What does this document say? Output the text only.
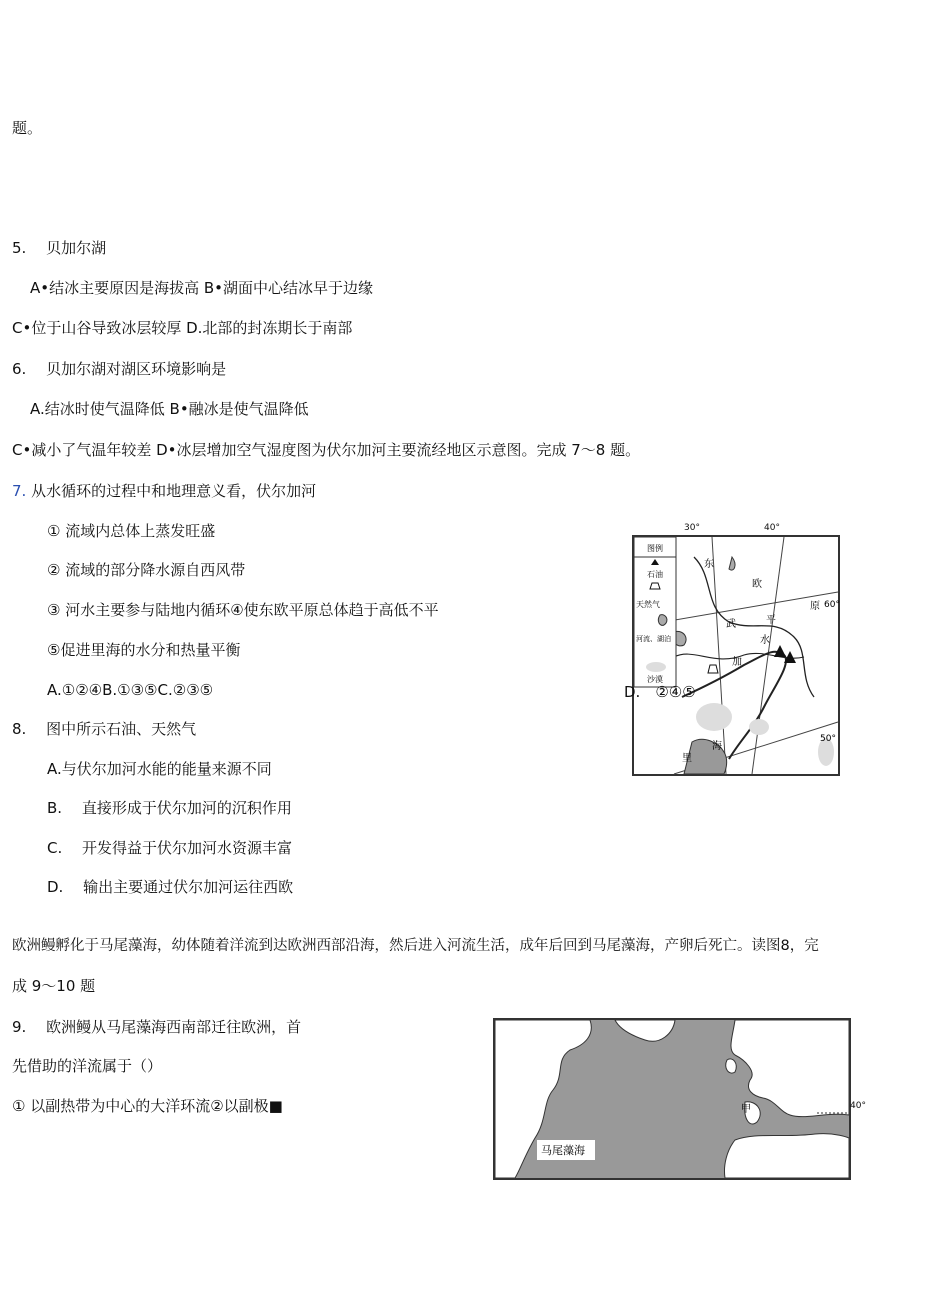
题。
5.　 贝加尔湖
A•结冰主要原因是海拔高 B•湖面中心结冰早于边缘
C•位于山谷导致冰层较厚 D.北部的封冻期长于南部
6.　 贝加尔湖对湖区环境影响是
A.结冰时使气温降低 B•融冰是使气温降低
C•减小了气温年较差 D•冰层增加空气湿度图为伏尔加河主要流经地区示意图。完成 7～8 题。
7. 从水循环的过程中和地理意义看，伏尔加河
① 流域内总体上蒸发旺盛
② 流域的部分降水源自西风带
③ 河水主要参与陆地内循环④使东欧平原总体趋于高低不平
⑤促进里海的水分和热量平衡
A.①②④B.①③⑤C.②③⑤
8.　 图中所示石油、天然气
A.与伏尔加河水能的能量来源不同
B.　 直接形成于伏尔加河的沉积作用
C.　 开发得益于伏尔加河水资源丰富
D.　 输出主要通过伏尔加河运往西欧
欧洲鳗孵化于马尾藻海，幼体随着洋流到达欧洲西部沿海，然后进入河流生活，成年后回到马尾藻海，产卵后死亡。读图8，完
成 9～10 题
9.　 欧洲鳗从马尾藻海西南部迁往欧洲，首
先借助的洋流属于（）
① 以副热带为中心的大洋环流②以副极■
图例
石油
天然气
河流、湖泊
沙漠
东
欧
平
原
武
水
加
里
海
60°
50°
30°	40°
D.　②④⑤
马尾藻海
甲	40°
